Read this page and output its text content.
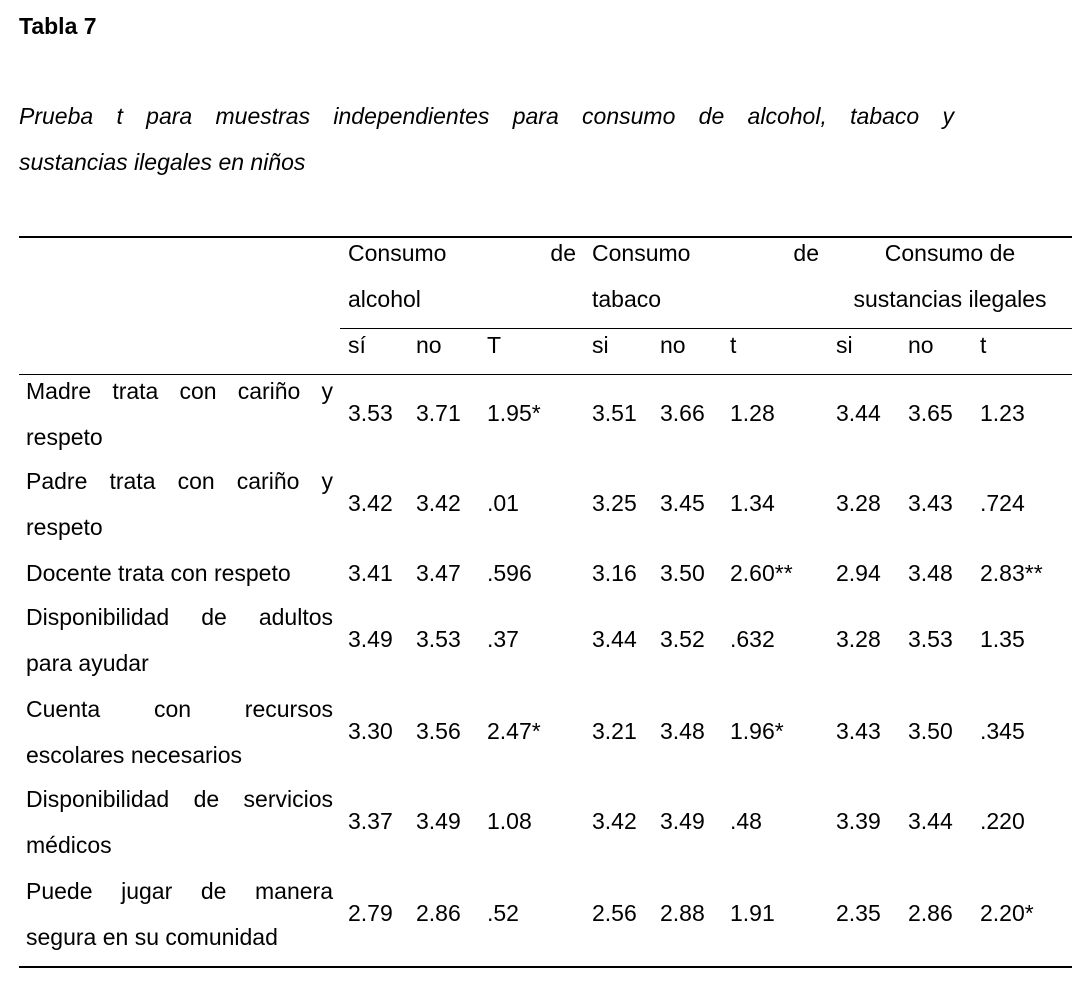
Tabla 7
Prueba t para muestras independientes para consumo de alcohol, tabaco y
sustancias ilegales en niños
Consumo	de
alcohol
Consumo	de
tabaco
Consumo de
sustancias ilegales
sí no T	si no t	si no t
Madre trata con cariño y
respeto
3.53 3.71 1.95* 3.51 3.66 1.28	3.44 3.65 1.23
Padre trata con cariño y
respeto
3.42 3.42 .01	3.25 3.45 1.34	3.28 3.43 .724
Docente trata con respeto	3.41 3.47 .596	3.16 3.50 2.60** 2.94 3.48 2.83**
Disponibilidad de adultos
para ayudar
3.49 3.53 .37	3.44 3.52 .632	3.28 3.53 1.35
Cuenta con recursos
escolares necesarios
3.30 3.56 2.47* 3.21 3.48 1.96* 3.43 3.50 .345
Disponibilidad de servicios
médicos
3.37 3.49 1.08	3.42 3.49 .48	3.39 3.44 .220
Puede jugar de manera
segura en su comunidad
2.79 2.86 .52	2.56 2.88 1.91	2.35 2.86 2.20*
